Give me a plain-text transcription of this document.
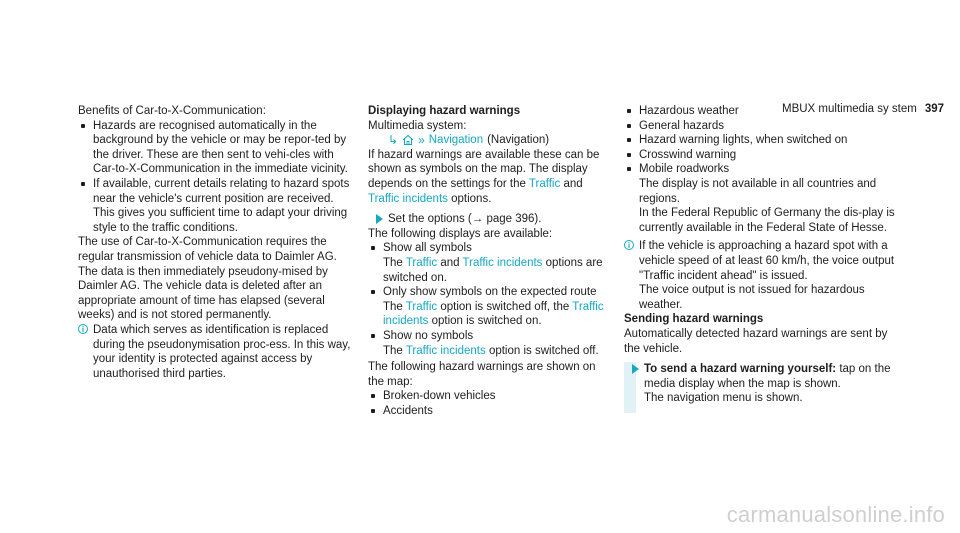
MBUX multimedia sy stem 397

Benefits of Car-to-X-Communication:

Hazards are recognised automatically in the background by the vehicle or may be repor-ted by the driver. These are then sent to vehi-cles with Car-to-X-Communication in the immediate vicinity.
If available, current details relating to hazard spots near the vehicle's current position are received.

This gives you sufficient time to adapt your driving style to the traffic conditions.

The use of Car-to-X-Communication requires the regular transmission of vehicle data to Daimler AG. The data is then immediately pseudony-mised by Daimler AG. The vehicle data is deleted after an appropriate amount of time has elapsed (several weeks) and is not stored permanently.

i Data which serves as identification is replaced during the pseudonymisation proc-ess. In this way, your identity is protected against access by unauthorised third parties.

Displaying hazard warnings

Multimedia system:

↳ » Navigation (Navigation)

If hazard warnings are available these can be shown as symbols on the map. The display depends on the settings for the Traffic and Traffic incidents options.

Set the options (→ page 396).

The following displays are available:

Show all symbols

The Traffic and Traffic incidents options are switched on.

Only show symbols on the expected route

The Traffic option is switched off, the Traffic incidents option is switched on.

Show no symbols

The Traffic incidents option is switched off.

The following hazard warnings are shown on the map:

Broken-down vehicles
Accidents
Hazardous weather
General hazards
Hazard warning lights, when switched on
Crosswind warning
Mobile roadworks

The display is not available in all countries and regions.

In the Federal Republic of Germany the dis-play is currently available in the Federal State of Hesse.

i If the vehicle is approaching a hazard spot with a vehicle speed of at least 60 km/h, the voice output "Traffic incident ahead" is issued.

The voice output is not issued for hazardous weather.

Sending hazard warnings

Automatically detected hazard warnings are sent by the vehicle.

To send a hazard warning yourself: tap on the media display when the map is shown.

The navigation menu is shown.

carmanualsonline.info
